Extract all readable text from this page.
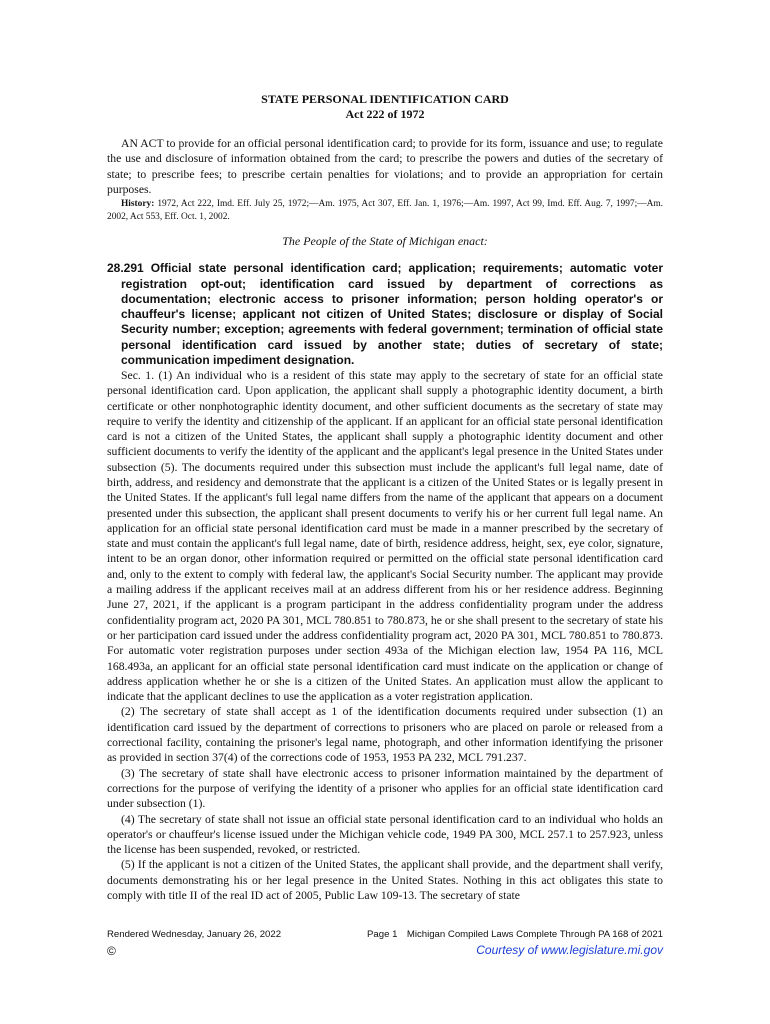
STATE PERSONAL IDENTIFICATION CARD
Act 222 of 1972
AN ACT to provide for an official personal identification card; to provide for its form, issuance and use; to regulate the use and disclosure of information obtained from the card; to prescribe the powers and duties of the secretary of state; to prescribe fees; to prescribe certain penalties for violations; and to provide an appropriation for certain purposes.
History: 1972, Act 222, Imd. Eff. July 25, 1972;—Am. 1975, Act 307, Eff. Jan. 1, 1976;—Am. 1997, Act 99, Imd. Eff. Aug. 7, 1997;—Am. 2002, Act 553, Eff. Oct. 1, 2002.
The People of the State of Michigan enact:
28.291 Official state personal identification card; application; requirements; automatic voter registration opt-out; identification card issued by department of corrections as documentation; electronic access to prisoner information; person holding operator's or chauffeur's license; applicant not citizen of United States; disclosure or display of Social Security number; exception; agreements with federal government; termination of official state personal identification card issued by another state; duties of secretary of state; communication impediment designation.
Sec. 1. (1) An individual who is a resident of this state may apply to the secretary of state for an official state personal identification card. Upon application, the applicant shall supply a photographic identity document, a birth certificate or other nonphotographic identity document, and other sufficient documents as the secretary of state may require to verify the identity and citizenship of the applicant. If an applicant for an official state personal identification card is not a citizen of the United States, the applicant shall supply a photographic identity document and other sufficient documents to verify the identity of the applicant and the applicant's legal presence in the United States under subsection (5). The documents required under this subsection must include the applicant's full legal name, date of birth, address, and residency and demonstrate that the applicant is a citizen of the United States or is legally present in the United States. If the applicant's full legal name differs from the name of the applicant that appears on a document presented under this subsection, the applicant shall present documents to verify his or her current full legal name. An application for an official state personal identification card must be made in a manner prescribed by the secretary of state and must contain the applicant's full legal name, date of birth, residence address, height, sex, eye color, signature, intent to be an organ donor, other information required or permitted on the official state personal identification card and, only to the extent to comply with federal law, the applicant's Social Security number. The applicant may provide a mailing address if the applicant receives mail at an address different from his or her residence address. Beginning June 27, 2021, if the applicant is a program participant in the address confidentiality program under the address confidentiality program act, 2020 PA 301, MCL 780.851 to 780.873, he or she shall present to the secretary of state his or her participation card issued under the address confidentiality program act, 2020 PA 301, MCL 780.851 to 780.873. For automatic voter registration purposes under section 493a of the Michigan election law, 1954 PA 116, MCL 168.493a, an applicant for an official state personal identification card must indicate on the application or change of address application whether he or she is a citizen of the United States. An application must allow the applicant to indicate that the applicant declines to use the application as a voter registration application.
(2) The secretary of state shall accept as 1 of the identification documents required under subsection (1) an identification card issued by the department of corrections to prisoners who are placed on parole or released from a correctional facility, containing the prisoner's legal name, photograph, and other information identifying the prisoner as provided in section 37(4) of the corrections code of 1953, 1953 PA 232, MCL 791.237.
(3) The secretary of state shall have electronic access to prisoner information maintained by the department of corrections for the purpose of verifying the identity of a prisoner who applies for an official state identification card under subsection (1).
(4) The secretary of state shall not issue an official state personal identification card to an individual who holds an operator's or chauffeur's license issued under the Michigan vehicle code, 1949 PA 300, MCL 257.1 to 257.923, unless the license has been suspended, revoked, or restricted.
(5) If the applicant is not a citizen of the United States, the applicant shall provide, and the department shall verify, documents demonstrating his or her legal presence in the United States. Nothing in this act obligates this state to comply with title II of the real ID act of 2005, Public Law 109-13. The secretary of state
Rendered Wednesday, January 26, 2022	Page 1 Michigan Compiled Laws Complete Through PA 168 of 2021
©	Courtesy of www.legislature.mi.gov
